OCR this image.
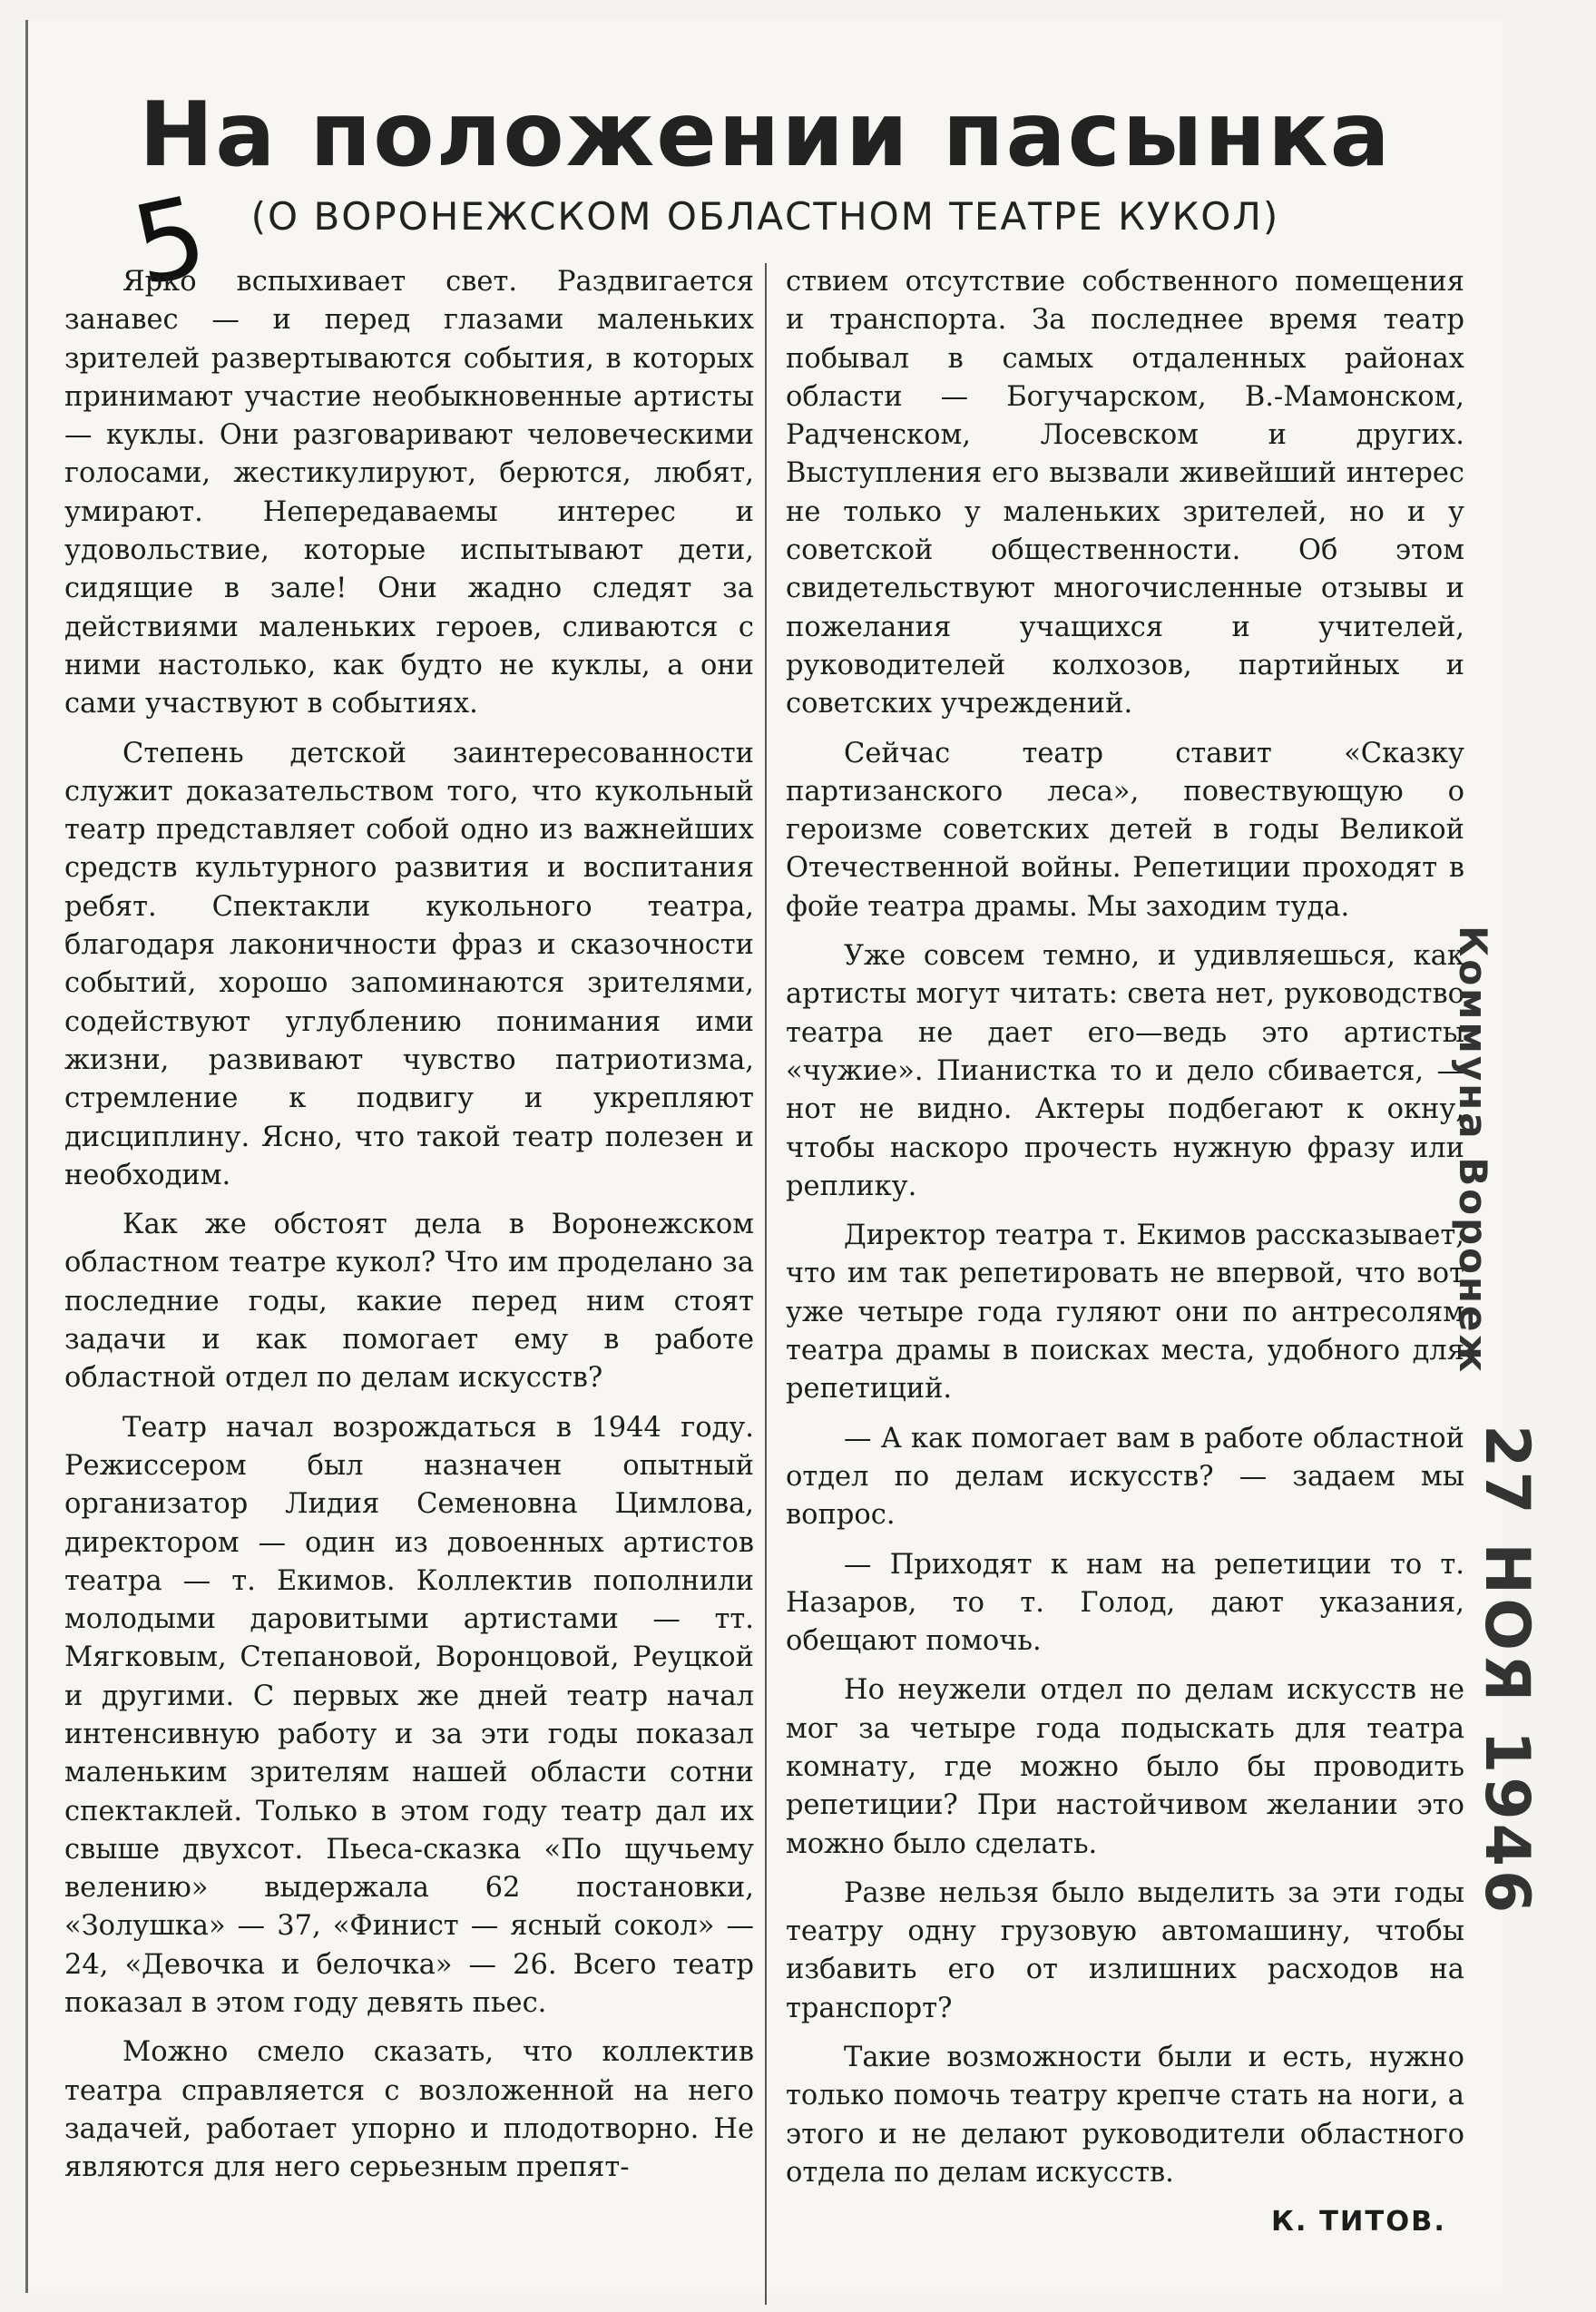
На положении пасынка
(О ВОРОНЕЖСКОМ ОБЛАСТНОМ ТЕАТРЕ КУКОЛ)
5

Ярко вспыхивает свет. Раздвигается занавес — и перед глазами маленьких зрителей развертываются события, в которых принимают участие необыкновенные артисты — куклы. Они разговаривают человеческими голосами, жестикулируют, берются, любят, умирают. Непередаваемы интерес и удовольствие, которые испытывают дети, сидящие в зале! Они жадно следят за действиями маленьких героев, сливаются с ними настолько, как будто не куклы, а они сами участвуют в событиях.

Степень детской заинтересованности служит доказательством того, что кукольный театр представляет собой одно из важнейших средств культурного развития и воспитания ребят. Спектакли кукольного театра, благодаря лаконичности фраз и сказочности событий, хорошо запоминаются зрителями, содействуют углублению понимания ими жизни, развивают чувство патриотизма, стремление к подвигу и укрепляют дисциплину. Ясно, что такой театр полезен и необходим.

Как же обстоят дела в Воронежском областном театре кукол? Что им проделано за последние годы, какие перед ним стоят задачи и как помогает ему в работе областной отдел по делам искусств?

Театр начал возрождаться в 1944 году. Режиссером был назначен опытный организатор Лидия Семеновна Цимлова, директором — один из довоенных артистов театра — т. Екимов. Коллектив пополнили молодыми даровитыми артистами — тт. Мягковым, Степановой, Воронцовой, Реуцкой и другими. С первых же дней театр начал интенсивную работу и за эти годы показал маленьким зрителям нашей области сотни спектаклей. Только в этом году театр дал их свыше двухсот. Пьеса-сказка «По щучьему велению» выдержала 62 постановки, «Золушка» — 37, «Финист — ясный сокол» — 24, «Девочка и белочка» — 26. Всего театр показал в этом году девять пьес.

Можно смело сказать, что коллектив театра справляется с возложенной на него задачей, работает упорно и плодотворно. Не являются для него серьезным препят-

ствием отсутствие собственного помещения и транспорта. За последнее время театр побывал в самых отдаленных районах области — Богучарском, В.-Мамонском, Радченском, Лосевском и других. Выступления его вызвали живейший интерес не только у маленьких зрителей, но и у советской общественности. Об этом свидетельствуют многочисленные отзывы и пожелания учащихся и учителей, руководителей колхозов, партийных и советских учреждений.

Сейчас театр ставит «Сказку партизанского леса», повествующую о героизме советских детей в годы Великой Отечественной войны. Репетиции проходят в фойе театра драмы. Мы заходим туда.

Уже совсем темно, и удивляешься, как артисты могут читать: света нет, руководство театра не дает его—ведь это артисты «чужие». Пианистка то и дело сбивается, — нот не видно. Актеры подбегают к окну, чтобы наскоро прочесть нужную фразу или реплику.

Директор театра т. Екимов рассказывает, что им так репетировать не впервой, что вот уже четыре года гуляют они по антресолям театра драмы в поисках места, удобного для репетиций.

— А как помогает вам в работе областной отдел по делам искусств? — задаем мы вопрос.

— Приходят к нам на репетиции то т. Назаров, то т. Голод, дают указания, обещают помочь.

Но неужели отдел по делам искусств не мог за четыре года подыскать для театра комнату, где можно было бы проводить репетиции? При настойчивом желании это можно было сделать.

Разве нельзя было выделить за эти годы театру одну грузовую автомашину, чтобы избавить его от излишних расходов на транспорт?

Такие возможности были и есть, нужно только помочь театру крепче стать на ноги, а этого и не делают руководители областного отдела по делам искусств.

К. ТИТОВ.
Коммуна Воронеж
27 НОЯ 1946
